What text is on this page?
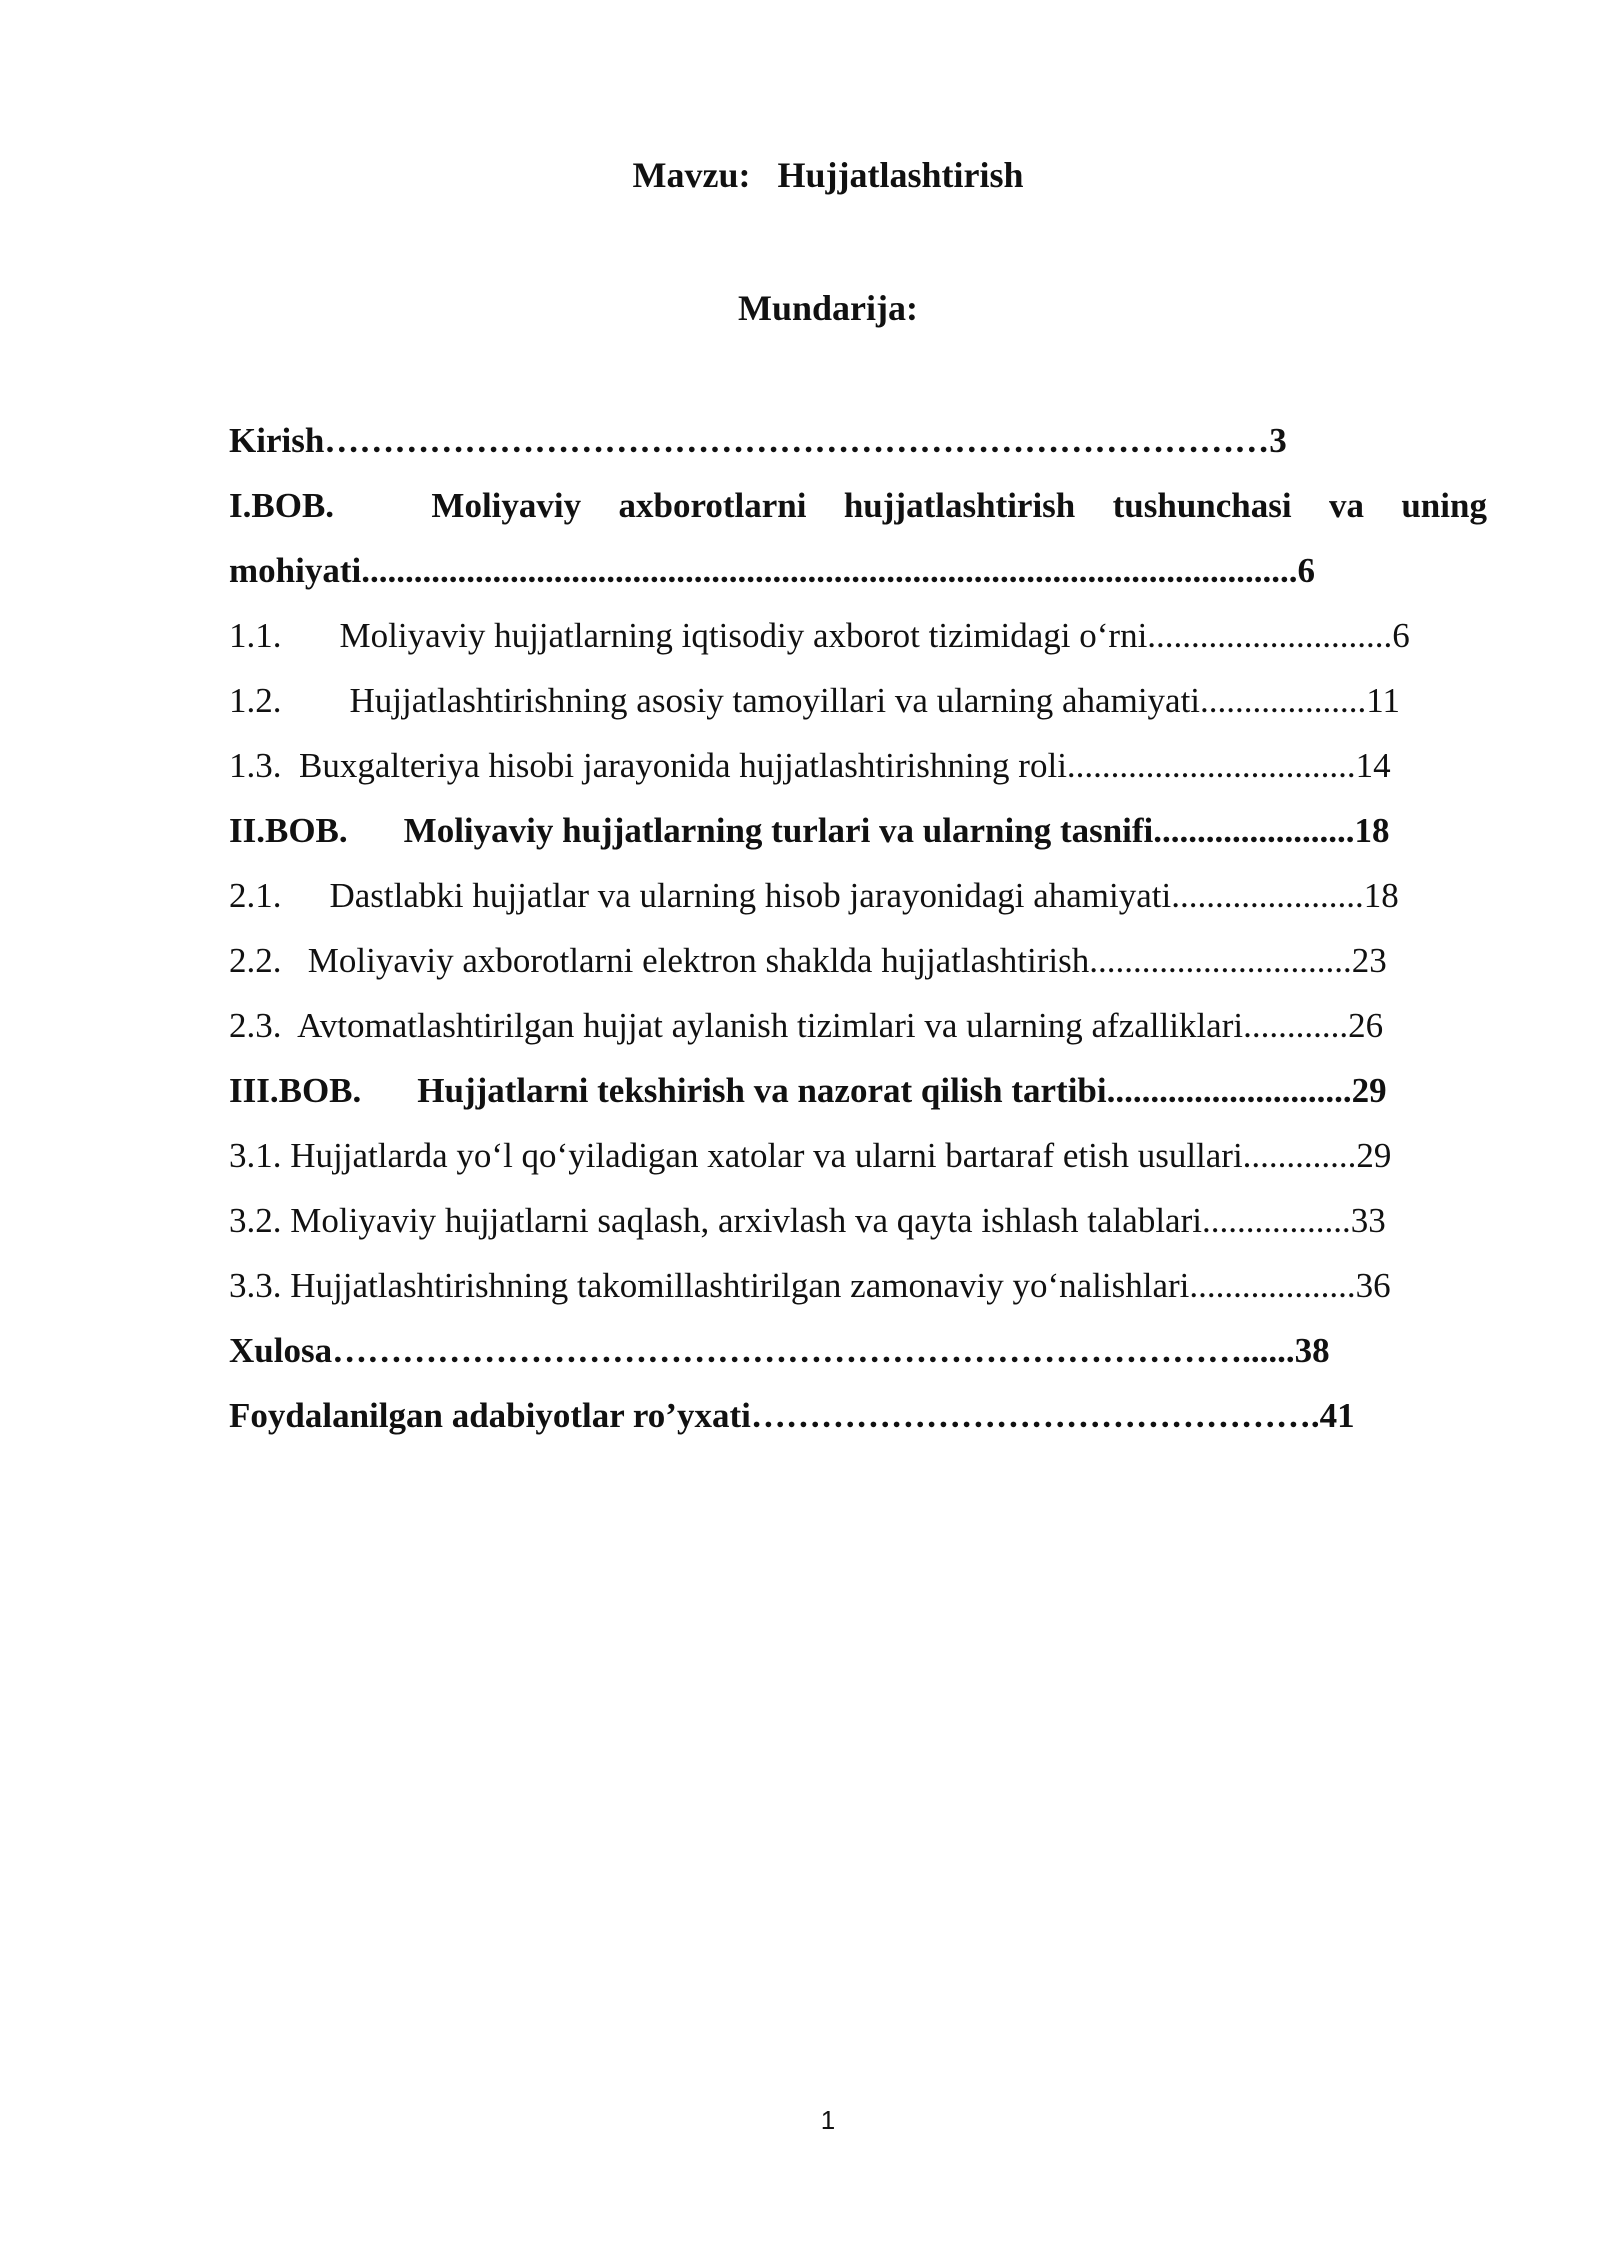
Mavzu:   Hujjatlashtirish
Mundarija:
Kirish………………………………………………………………………3
I.BOB.	Moliyaviy axborotlarni hujjatlashtirish tushunchasi va uning
mohiyati...........................................................................................................6
1.1. Moliyaviy hujjatlarning iqtisodiy axborot tizimidagi o‘rni............................6
1.2. Hujjatlashtirishning asosiy tamoyillari va ularning ahamiyati...................11
1.3.  Buxgalteriya hisobi jarayonida hujjatlashtirishning roli.................................14
II.BOB. Moliyaviy hujjatlarning turlari va ularning tasnifi.......................18
2.1. Dastlabki hujjatlar va ularning hisob jarayonidagi ahamiyati......................18
2.2.   Moliyaviy axborotlarni elektron shaklda hujjatlashtirish..............................23
2.3.  Avtomatlashtirilgan hujjat aylanish tizimlari va ularning afzalliklari............26
III.BOB. Hujjatlarni tekshirish va nazorat qilish tartibi............................29
3.1. Hujjatlarda yo‘l qo‘yiladigan xatolar va ularni bartaraf etish usullari.............29
3.2. Moliyaviy hujjatlarni saqlash, arxivlash va qayta ishlash talablari.................33
3.3. Hujjatlashtirishning takomillashtirilgan zamonaviy yo‘nalishlari...................36
Xulosa……………………………………………………………………......38
Foydalanilgan adabiyotlar ro’yxati………………………………………….41
1
